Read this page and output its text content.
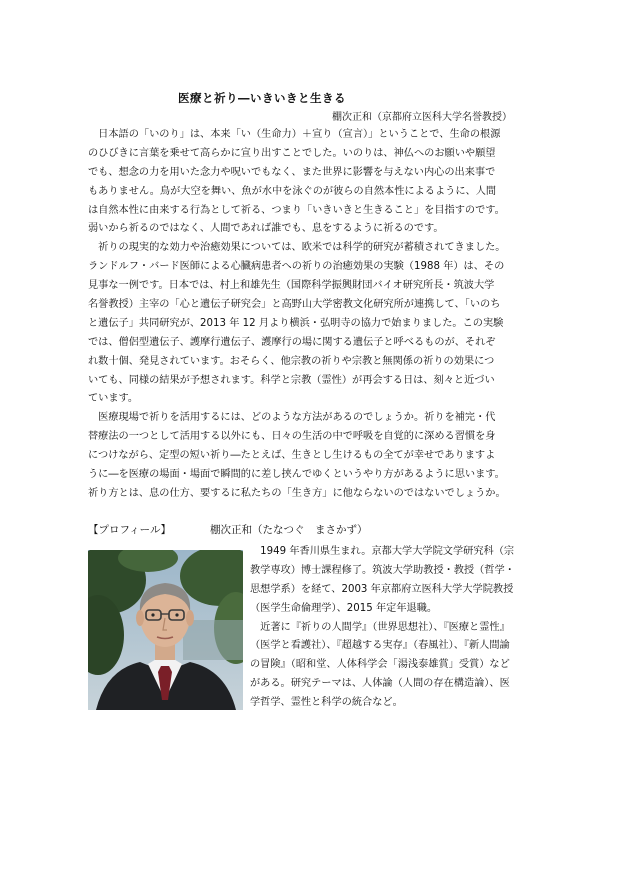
医療と祈り―いきいきと生きる
棚次正和（京都府立医科大学名誉教授）
　日本語の「いのり」は、本来「い（生命力）＋宣り（宣言）」ということで、生命の根源
のひびきに言葉を乗せて高らかに宣り出すことでした。いのりは、神仏へのお願いや願望
でも、想念の力を用いた念力や呪いでもなく、また世界に影響を与えない内心の出来事で
もありません。鳥が大空を舞い、魚が水中を泳ぐのが彼らの自然本性によるように、人間
は自然本性に由来する行為として祈る、つまり「いきいきと生きること」を目指すのです。
弱いから祈るのではなく、人間であれば誰でも、息をするように祈るのです。
　祈りの現実的な効力や治癒効果については、欧米では科学的研究が蓄積されてきました。
ランドルフ・バード医師による心臓病患者への祈りの治癒効果の実験（1988 年）は、その
見事な一例です。日本では、村上和雄先生（国際科学振興財団バイオ研究所長・筑波大学
名誉教授）主宰の「心と遺伝子研究会」と高野山大学密教文化研究所が連携して、「いのち
と遺伝子」共同研究が、2013 年 12 月より横浜・弘明寺の協力で始まりました。この実験
では、僧侶型遺伝子、護摩行遺伝子、護摩行の場に関する遺伝子と呼べるものが、それぞ
れ数十個、発見されています。おそらく、他宗教の祈りや宗教と無関係の祈りの効果につ
いても、同様の結果が予想されます。科学と宗教（霊性）が再会する日は、刻々と近づい
ています。
　医療現場で祈りを活用するには、どのような方法があるのでしょうか。祈りを補完・代
替療法の一つとして活用する以外にも、日々の生活の中で呼吸を自覚的に深める習慣を身
につけながら、定型の短い祈り―たとえば、生きとし生けるもの全てが幸せでありますよ
うに―を医療の場面・場面で瞬間的に差し挟んでゆくというやり方があるように思います。
祈り方とは、息の仕方、要するに私たちの「生き方」に他ならないのではないでしょうか。
【プロフィール】	棚次正和（たなつぐ　まさかず）
　1949 年香川県生まれ。京都大学大学院文学研究科（宗
教学専攻）博士課程修了。筑波大学助教授・教授（哲学・
思想学系）を経て、2003 年京都府立医科大学大学院教授
（医学生命倫理学）、2015 年定年退職。
　近著に『祈りの人間学』（世界思想社）、『医療と霊性』
（医学と看護社）、『超越する実存』（春風社）、『新人間論
の冒険』（昭和堂、人体科学会「湯浅泰雄賞」受賞）など
がある。研究テーマは、人体論（人間の存在構造論）、医
学哲学、霊性と科学の統合など。
